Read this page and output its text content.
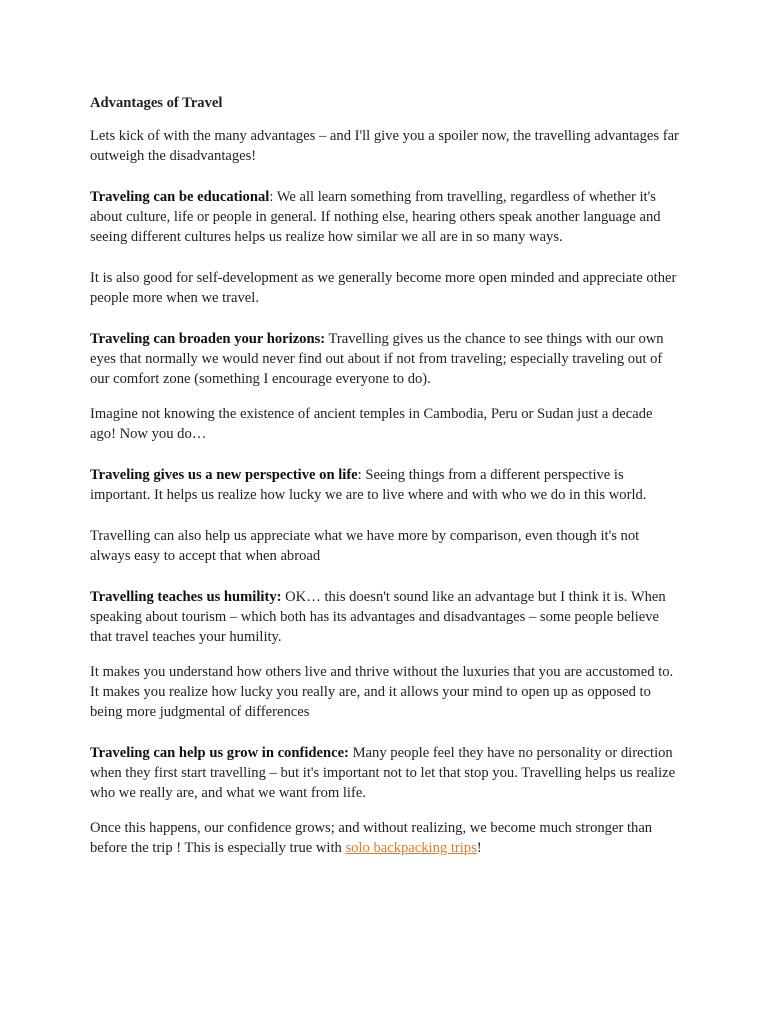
Advantages of Travel

Lets kick of with the many advantages – and I'll give you a spoiler now, the travelling advantages far outweigh the disadvantages!

Traveling can be educational: We all learn something from travelling, regardless of whether it's about culture, life or people in general. If nothing else, hearing others speak another language and seeing different cultures helps us realize how similar we all are in so many ways.

It is also good for self-development as we generally become more open minded and appreciate other people more when we travel.

Traveling can broaden your horizons: Travelling gives us the chance to see things with our own eyes that normally we would never find out about if not from traveling; especially traveling out of our comfort zone (something I encourage everyone to do).

Imagine not knowing the existence of ancient temples in Cambodia, Peru or Sudan just a decade ago! Now you do…

Traveling gives us a new perspective on life: Seeing things from a different perspective is important. It helps us realize how lucky we are to live where and with who we do in this world.

Travelling can also help us appreciate what we have more by comparison, even though it's not always easy to accept that when abroad

Travelling teaches us humility: OK… this doesn't sound like an advantage but I think it is. When speaking about tourism – which both has its advantages and disadvantages – some people believe that travel teaches your humility.

It makes you understand how others live and thrive without the luxuries that you are accustomed to. It makes you realize how lucky you really are, and it allows your mind to open up as opposed to being more judgmental of differences

Traveling can help us grow in confidence: Many people feel they have no personality or direction when they first start travelling – but it's important not to let that stop you. Travelling helps us realize who we really are, and what we want from life.

Once this happens, our confidence grows; and without realizing, we become much stronger than before the trip ! This is especially true with solo backpacking trips!
